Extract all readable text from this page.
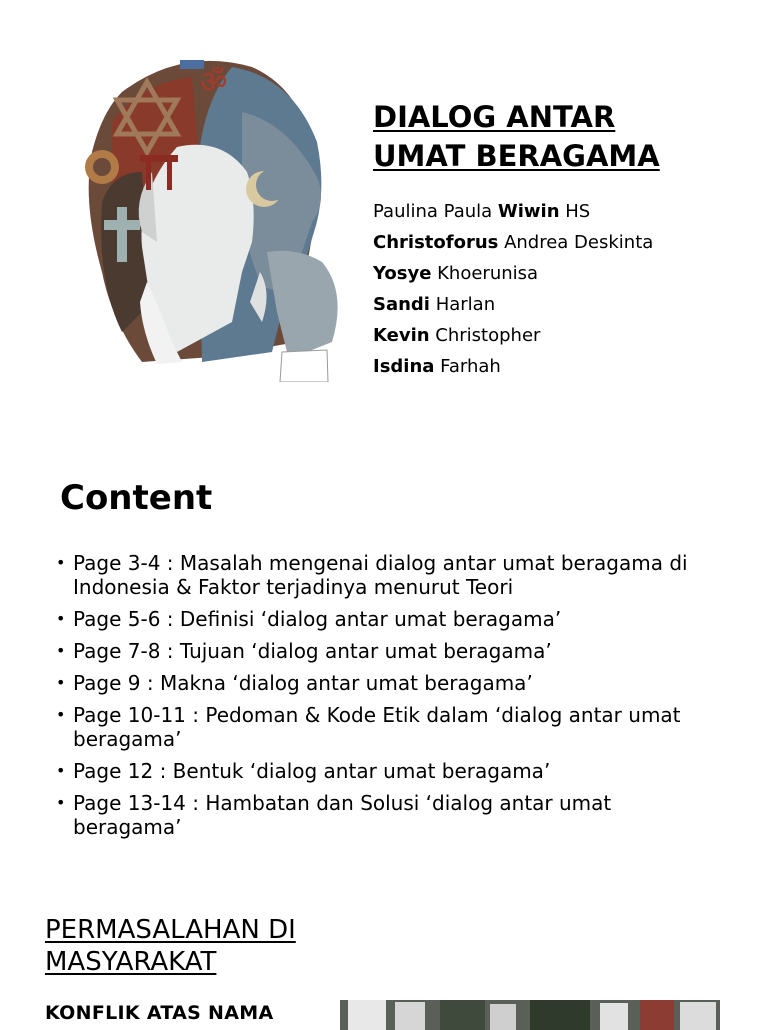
ॐ
DIALOG ANTAR
UMAT BERAGAMA
Paulina Paula Wiwin HS
Christoforus Andrea Deskinta
Yosye Khoerunisa
Sandi Harlan
Kevin Christopher
Isdina Farhah
Content
• Page 3-4 : Masalah mengenai dialog antar umat beragama di Indonesia & Faktor terjadinya menurut Teori
• Page 5-6 : Definisi ‘dialog antar umat beragama’
• Page 7-8 : Tujuan ‘dialog antar umat beragama’
• Page 9 : Makna ‘dialog antar umat beragama’
• Page 10-11 : Pedoman & Kode Etik dalam ‘dialog antar umat beragama’
• Page 12 : Bentuk ‘dialog antar umat beragama’
• Page 13-14 : Hambatan dan Solusi ‘dialog antar umat beragama’
PERMASALAHAN DI
MASYARAKAT
KONFLIK ATAS NAMA
